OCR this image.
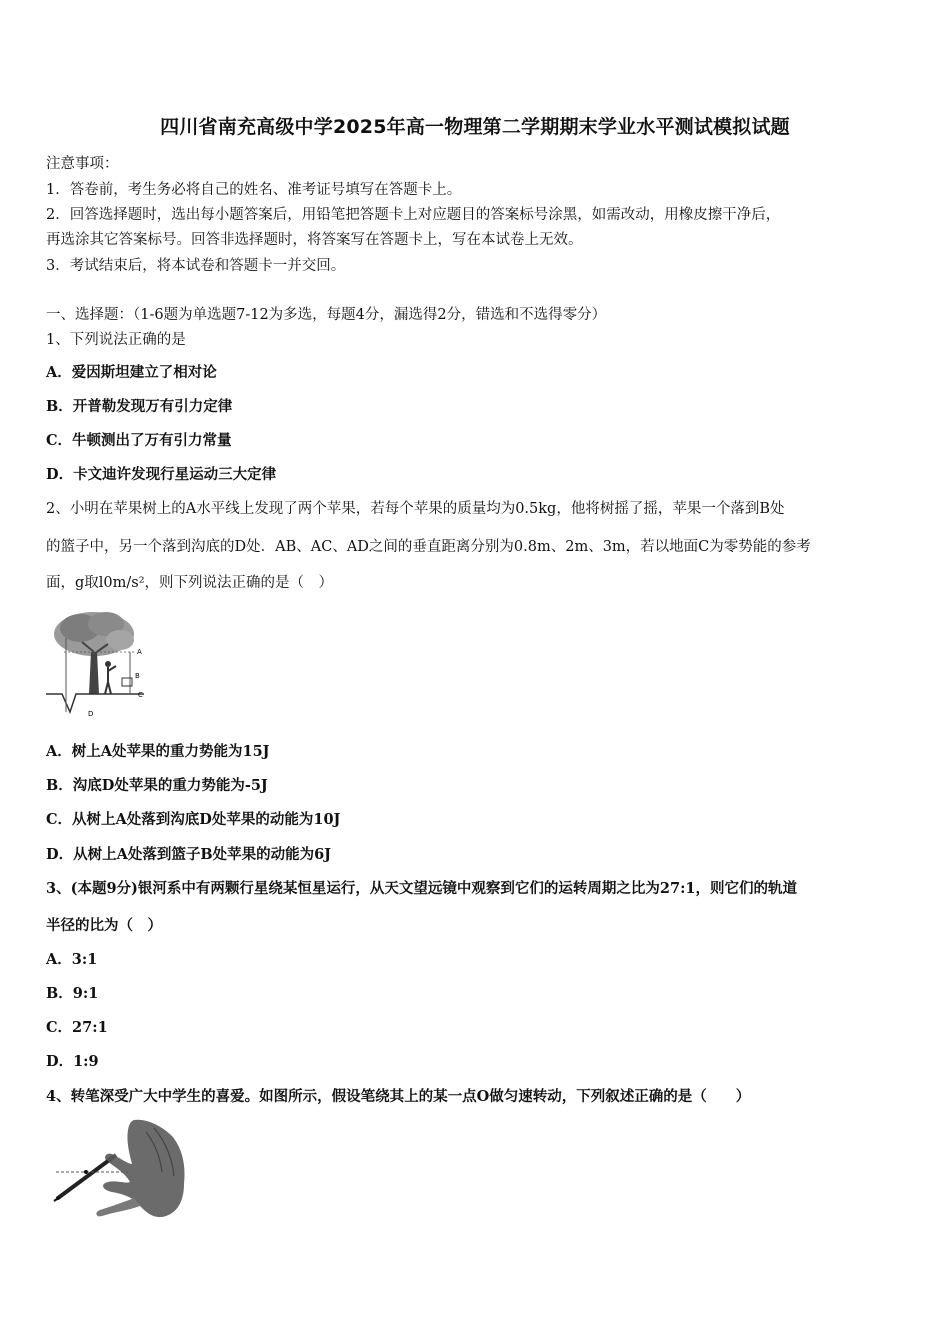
四川省南充高级中学2025年高一物理第二学期期末学业水平测试模拟试题
注意事项：
1．答卷前，考生务必将自己的姓名、准考证号填写在答题卡上。
2．回答选择题时，选出每小题答案后，用铅笔把答题卡上对应题目的答案标号涂黑，如需改动，用橡皮擦干净后，
再选涂其它答案标号。回答非选择题时，将答案写在答题卡上，写在本试卷上无效。
3．考试结束后，将本试卷和答题卡一并交回。
一、选择题：（1-6题为单选题7-12为多选，每题4分，漏选得2分，错选和不选得零分）
1、下列说法正确的是
A．爱因斯坦建立了相对论
B．开普勒发现万有引力定律
C．牛顿测出了万有引力常量
D．卡文迪许发现行星运动三大定律
2、小明在苹果树上的A水平线上发现了两个苹果，若每个苹果的质量均为0.5kg，他将树摇了摇，苹果一个落到B处
的篮子中，另一个落到沟底的D处．AB、AC、AD之间的垂直距离分别为0.8m、2m、3m，若以地面C为零势能的参考
面，g取l0m/s²，则下列说法正确的是（　）
A
B
C
D
A．树上A处苹果的重力势能为15J
B．沟底D处苹果的重力势能为-5J
C．从树上A处落到沟底D处苹果的动能为10J
D．从树上A处落到篮子B处苹果的动能为6J
3、(本题9分)银河系中有两颗行星绕某恒星运行，从天文望远镜中观察到它们的运转周期之比为27:1，则它们的轨道
半径的比为（　）
A．3:1
B．9:1
C．27:1
D．1:9
4、转笔深受广大中学生的喜爱。如图所示，假设笔绕其上的某一点O做匀速转动，下列叙述正确的是（　　）
